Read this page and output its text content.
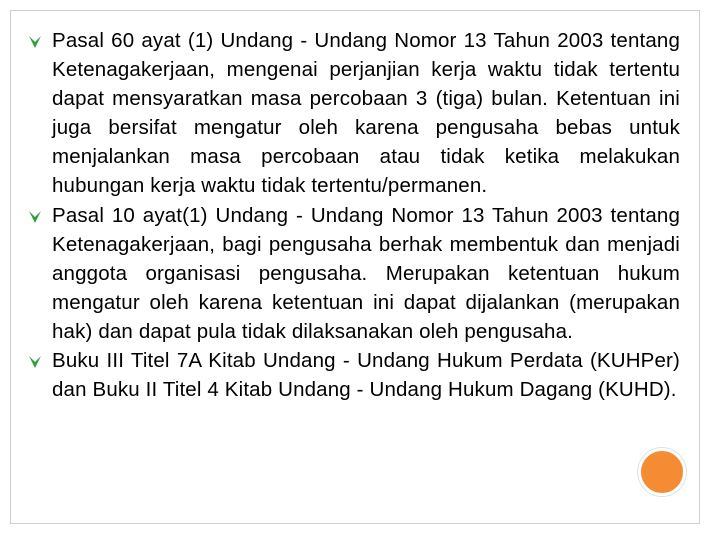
Pasal 60 ayat (1) Undang - Undang Nomor 13 Tahun 2003 tentang Ketenagakerjaan, mengenai perjanjian kerja waktu tidak tertentu dapat mensyaratkan masa percobaan 3 (tiga) bulan. Ketentuan ini juga bersifat mengatur oleh karena pengusaha bebas untuk menjalankan masa percobaan atau tidak ketika melakukan hubungan kerja waktu tidak tertentu/permanen.
Pasal 10 ayat(1) Undang - Undang Nomor 13 Tahun 2003 tentang Ketenagakerjaan, bagi pengusaha berhak membentuk dan menjadi anggota organisasi pengusaha. Merupakan ketentuan hukum mengatur oleh karena ketentuan ini dapat dijalankan (merupakan hak) dan dapat pula tidak dilaksanakan oleh pengusaha.
Buku III Titel 7A Kitab Undang - Undang Hukum Perdata (KUHPer) dan Buku II Titel 4 Kitab Undang - Undang Hukum Dagang (KUHD).
